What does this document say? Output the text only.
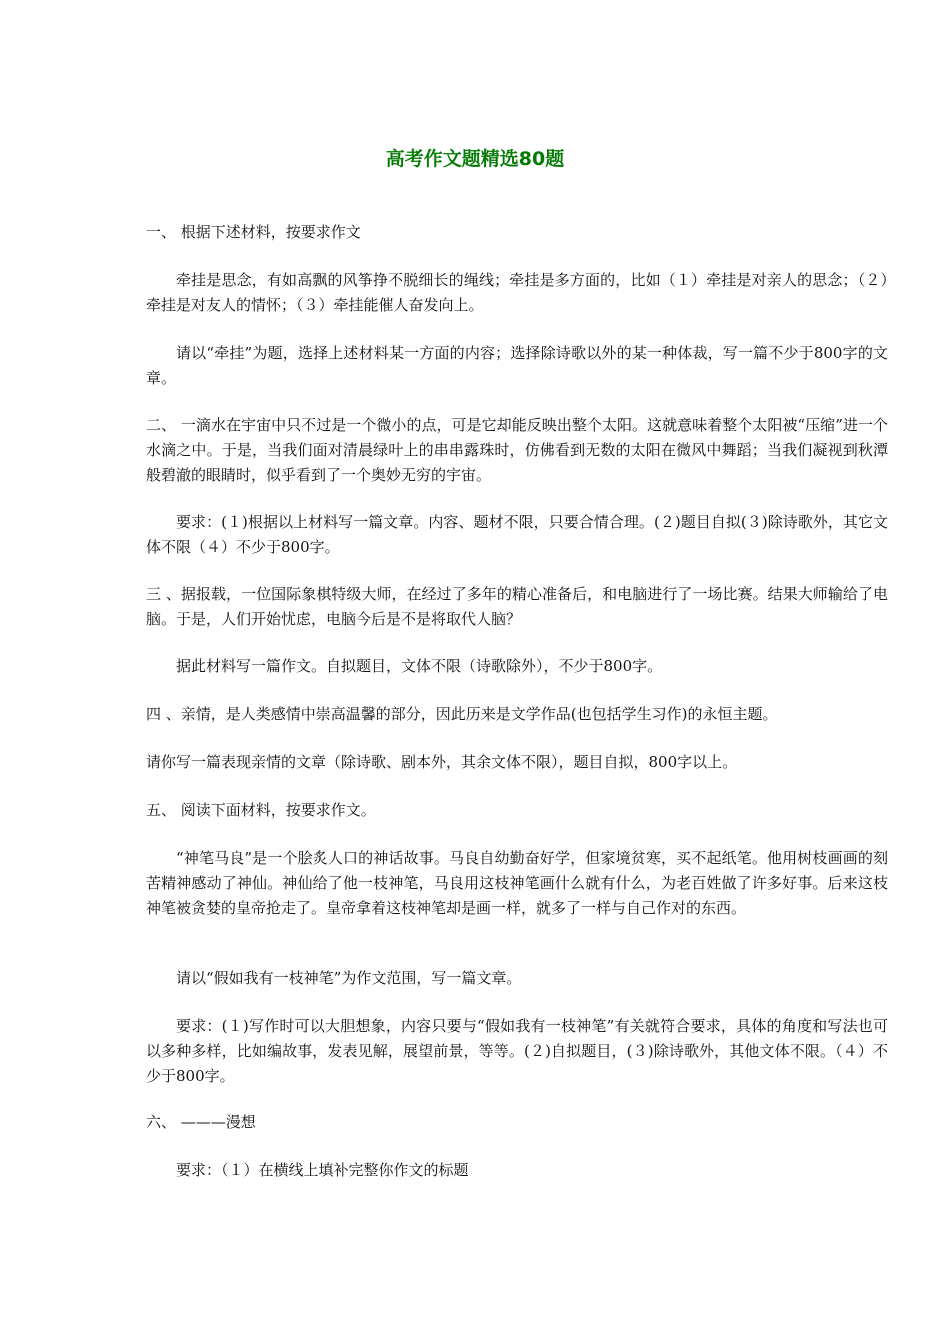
高考作文题精选80题

一、 根据下述材料，按要求作文

牵挂是思念，有如高飘的风筝挣不脱细长的绳线；牵挂是多方面的，比如（１）牵挂是对亲人的思念；（２）牵挂是对友人的情怀；（３）牵挂能催人奋发向上。

请以“牵挂”为题，选择上述材料某一方面的内容；选择除诗歌以外的某一种体裁，写一篇不少于800字的文章。

二、 一滴水在宇宙中只不过是一个微小的点，可是它却能反映出整个太阳。这就意味着整个太阳被“压缩”进一个水滴之中。于是，当我们面对清晨绿叶上的串串露珠时，仿佛看到无数的太阳在微风中舞蹈；当我们凝视到秋潭般碧澈的眼睛时，似乎看到了一个奥妙无穷的宇宙。

要求：(１)根据以上材料写一篇文章。内容、题材不限，只要合情合理。(２)题目自拟(３)除诗歌外，其它文体不限（４）不少于800字。

三 、据报载，一位国际象棋特级大师，在经过了多年的精心准备后，和电脑进行了一场比赛。结果大师输给了电脑。于是，人们开始忧虑，电脑今后是不是将取代人脑？

据此材料写一篇作文。自拟题目，文体不限（诗歌除外），不少于800字。

四 、亲情，是人类感情中崇高温馨的部分，因此历来是文学作品(也包括学生习作)的永恒主题。

请你写一篇表现亲情的文章（除诗歌、剧本外，其余文体不限），题目自拟，800字以上。

五、 阅读下面材料，按要求作文。

“神笔马良”是一个脍炙人口的神话故事。马良自幼勤奋好学，但家境贫寒，买不起纸笔。他用树枝画画的刻苦精神感动了神仙。神仙给了他一枝神笔，马良用这枝神笔画什么就有什么，为老百姓做了许多好事。后来这枝神笔被贪婪的皇帝抢走了。皇帝拿着这枝神笔却是画一样，就多了一样与自己作对的东西。

请以“假如我有一枝神笔”为作文范围，写一篇文章。

要求：(１)写作时可以大胆想象，内容只要与“假如我有一枝神笔”有关就符合要求，具体的角度和写法也可以多种多样，比如编故事，发表见解，展望前景，等等。(２)自拟题目，(３)除诗歌外，其他文体不限。（４）不少于800字。

六、 ———漫想

要求：（１）在横线上填补完整你作文的标题
